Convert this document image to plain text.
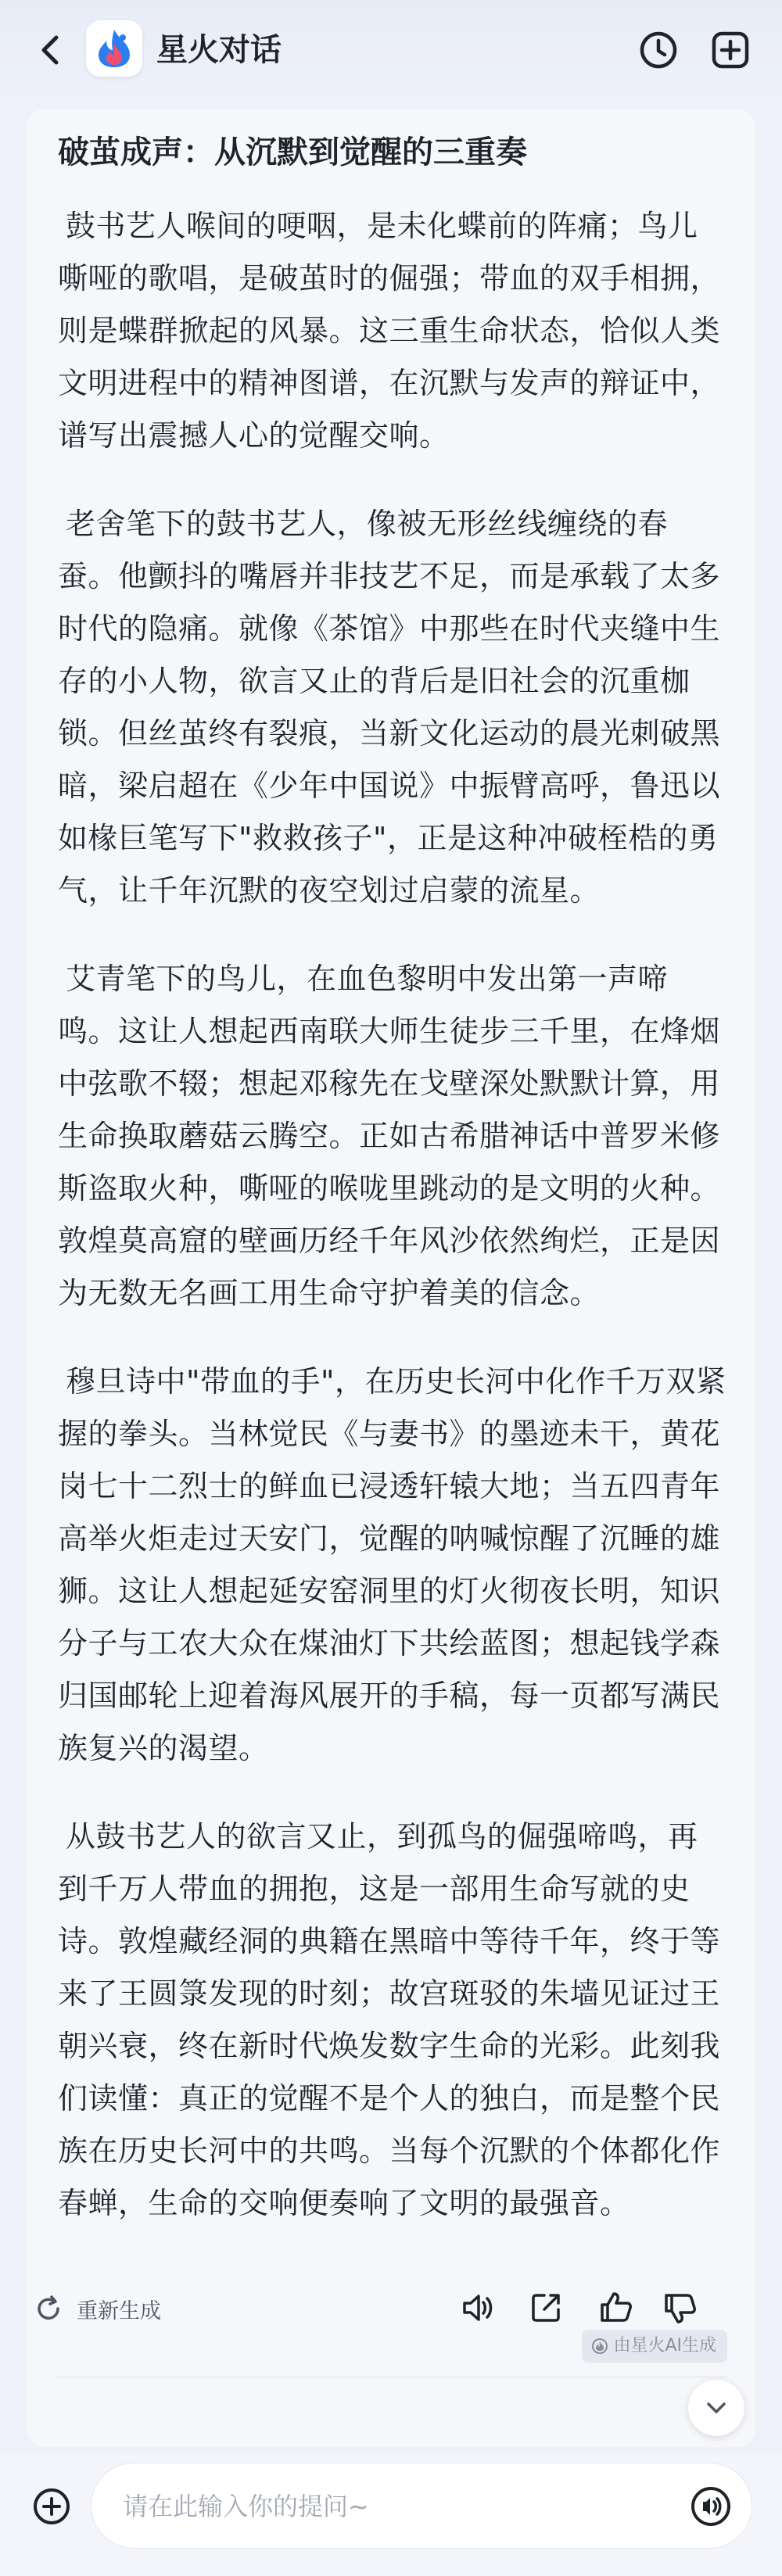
星火对话
破茧成声：从沉默到觉醒的三重奏

鼓书艺人喉间的哽咽，是未化蝶前的阵痛；鸟儿嘶哑的歌唱，是破茧时的倔强；带血的双手相拥，则是蝶群掀起的风暴。这三重生命状态，恰似人类文明进程中的精神图谱，在沉默与发声的辩证中，谱写出震撼人心的觉醒交响。

老舍笔下的鼓书艺人，像被无形丝线缠绕的春蚕。他颤抖的嘴唇并非技艺不足，而是承载了太多时代的隐痛。就像《茶馆》中那些在时代夹缝中生存的小人物，欲言又止的背后是旧社会的沉重枷锁。但丝茧终有裂痕，当新文化运动的晨光刺破黑暗，梁启超在《少年中国说》中振臂高呼，鲁迅以如椽巨笔写下"救救孩子"，正是这种冲破桎梏的勇气，让千年沉默的夜空划过启蒙的流星。

艾青笔下的鸟儿，在血色黎明中发出第一声啼鸣。这让人想起西南联大师生徒步三千里，在烽烟中弦歌不辍；想起邓稼先在戈壁深处默默计算，用生命换取蘑菇云腾空。正如古希腊神话中普罗米修斯盗取火种，嘶哑的喉咙里跳动的是文明的火种。敦煌莫高窟的壁画历经千年风沙依然绚烂，正是因为无数无名画工用生命守护着美的信念。

穆旦诗中"带血的手"，在历史长河中化作千万双紧握的拳头。当林觉民《与妻书》的墨迹未干，黄花岗七十二烈士的鲜血已浸透轩辕大地；当五四青年高举火炬走过天安门，觉醒的呐喊惊醒了沉睡的雄狮。这让人想起延安窑洞里的灯火彻夜长明，知识分子与工农大众在煤油灯下共绘蓝图；想起钱学森归国邮轮上迎着海风展开的手稿，每一页都写满民族复兴的渴望。

从鼓书艺人的欲言又止，到孤鸟的倔强啼鸣，再到千万人带血的拥抱，这是一部用生命写就的史诗。敦煌藏经洞的典籍在黑暗中等待千年，终于等来了王圆箓发现的时刻；故宫斑驳的朱墙见证过王朝兴衰，终在新时代焕发数字生命的光彩。此刻我们读懂：真正的觉醒不是个人的独白，而是整个民族在历史长河中的共鸣。当每个沉默的个体都化作春蝉，生命的交响便奏响了文明的最强音。

由星火AI生成
重新生成
请在此输入你的提问~
